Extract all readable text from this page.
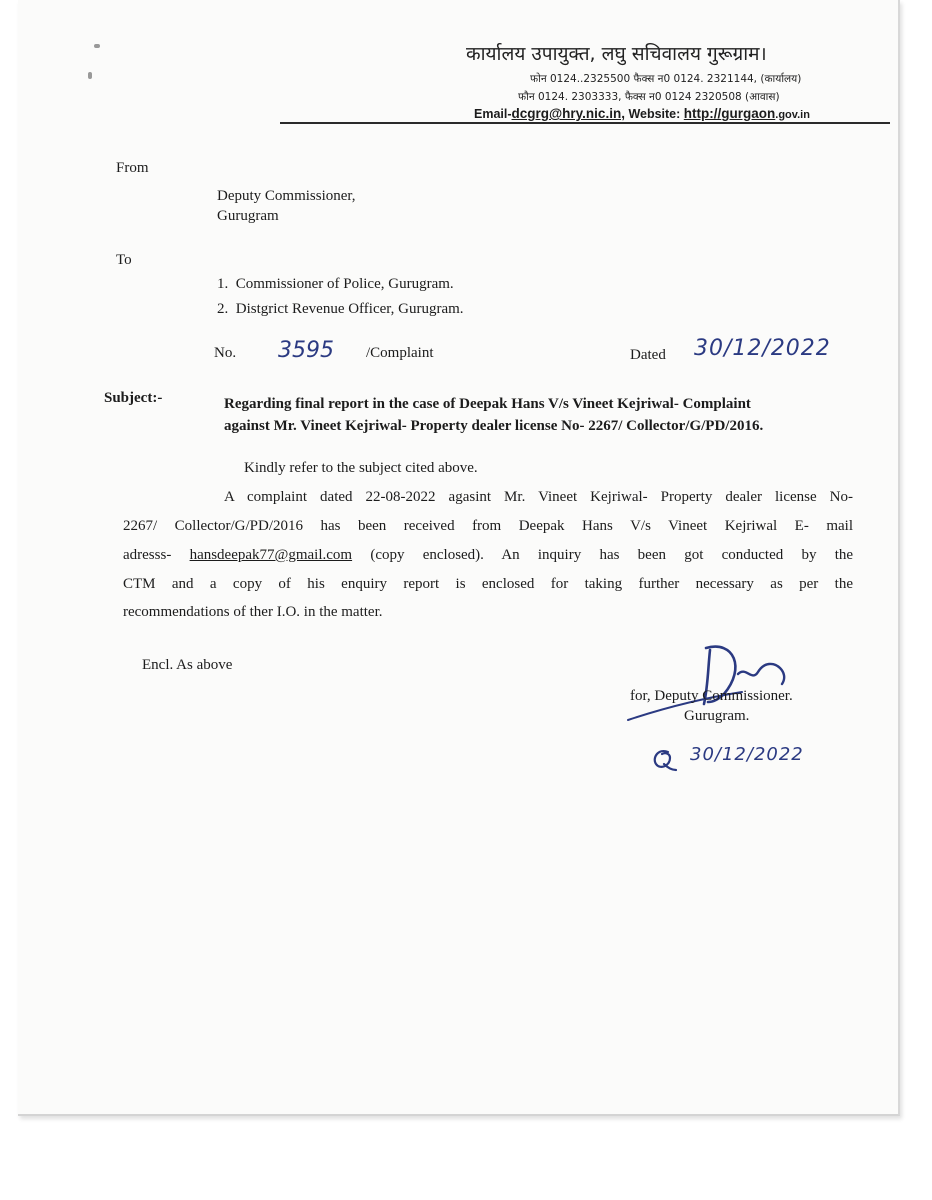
कार्यालय उपायुक्त, लघु सचिवालय गुरूग्राम।
फोन 0124..2325500 फैक्स न0 0124. 2321144, (कार्यालय)
फौन 0124. 2303333, फैक्स न0 0124 2320508 (आवास)
Email-dcgrg@hry.nic.in, Website: http://gurgaon.gov.in
From
Deputy Commissioner,
Gurugram
To
1. Commissioner of Police, Gurugram.
2. Distgrict Revenue Officer, Gurugram.
No. 3595 /Complaint	Dated 30/12/2022
Subject:-	Regarding final report in the case of Deepak Hans V/s Vineet Kejriwal- Complaint
against Mr. Vineet Kejriwal- Property dealer license No- 2267/ Collector/G/PD/2016.
Kindly refer to the subject cited above.
A complaint dated 22-08-2022 agasint Mr. Vineet Kejriwal- Property dealer license No-
2267/ Collector/G/PD/2016 has been received from Deepak Hans V/s Vineet Kejriwal E- mail
adresss- hansdeepak77@gmail.com (copy enclosed). An inquiry has been got conducted by the
CTM and a copy of his enquiry report is enclosed for taking further necessary as per the
recommendations of ther I.O. in the matter.
Encl. As above
for, Deputy Commissioner.
Gurugram.
30/12/2022
